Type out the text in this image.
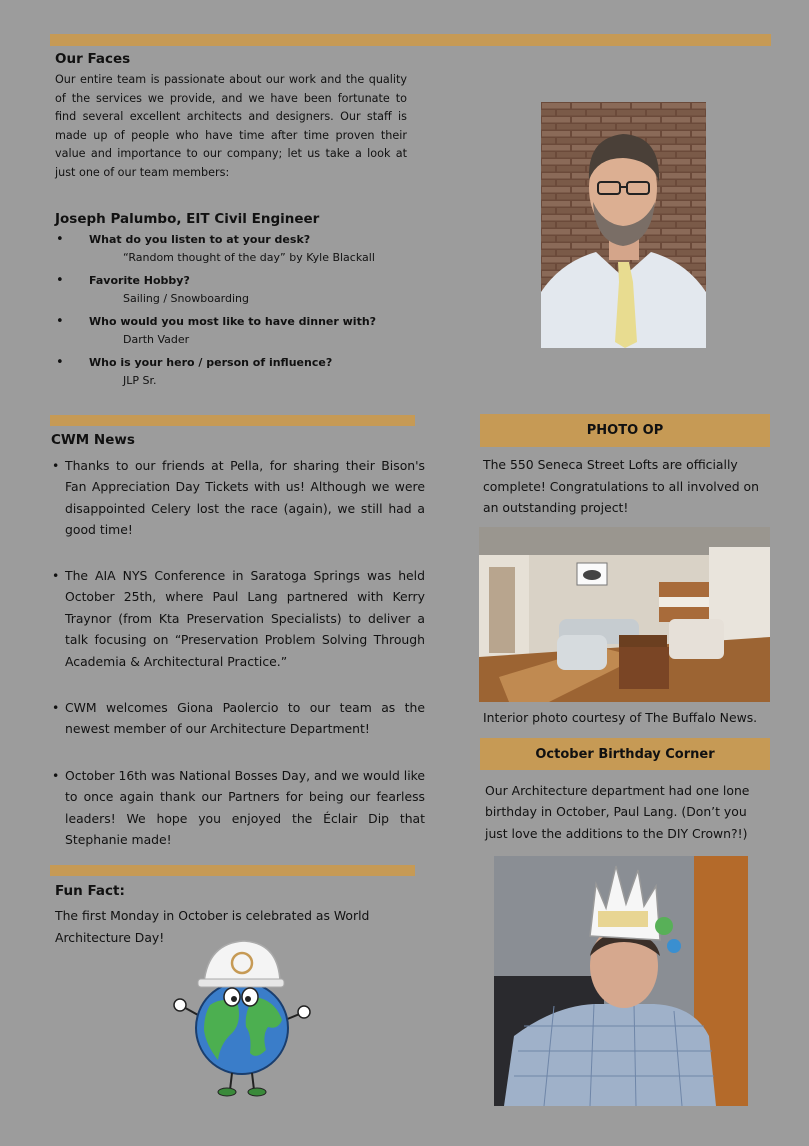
Our Faces
Our entire team is passionate about our work and the quality of the services we provide, and we have been fortunate to find several excellent architects and designers. Our staff is made up of people who have time after time proven their value and importance to our company; let us take a look at just one of our team members:
Joseph Palumbo, EIT Civil Engineer
• What do you listen to at your desk?
“Random thought of the day” by Kyle Blackall
• Favorite Hobby?
Sailing / Snowboarding
• Who would you most like to have dinner with?
Darth Vader
• Who is your hero / person of influence?
JLP Sr.
CWM News
• Thanks to our friends at Pella, for sharing their Bison's Fan Appreciation Day Tickets with us! Although we were disappointed Celery lost the race (again), we still had a good time!
• The AIA NYS Conference in Saratoga Springs was held October 25th, where Paul Lang partnered with Kerry Traynor (from Kta Preservation Specialists) to deliver a talk focusing on “Preservation Problem Solving Through Academia & Architectural Practice.”
• CWM welcomes Giona Paolercio to our team as the newest member of our Architecture Department!
• October 16th was National Bosses Day, and we would like to once again thank our Partners for being our fearless leaders! We hope you enjoyed the Éclair Dip that Stephanie made!
Fun Fact:
The first Monday in October is celebrated as World Architecture Day!
PHOTO OP
The 550 Seneca Street Lofts are officially complete! Congratulations to all involved on an outstanding project!
Interior photo courtesy of The Buffalo News.
October Birthday Corner
Our Architecture department had one lone birthday in October, Paul Lang. (Don’t you just love the additions to the DIY Crown?!)
